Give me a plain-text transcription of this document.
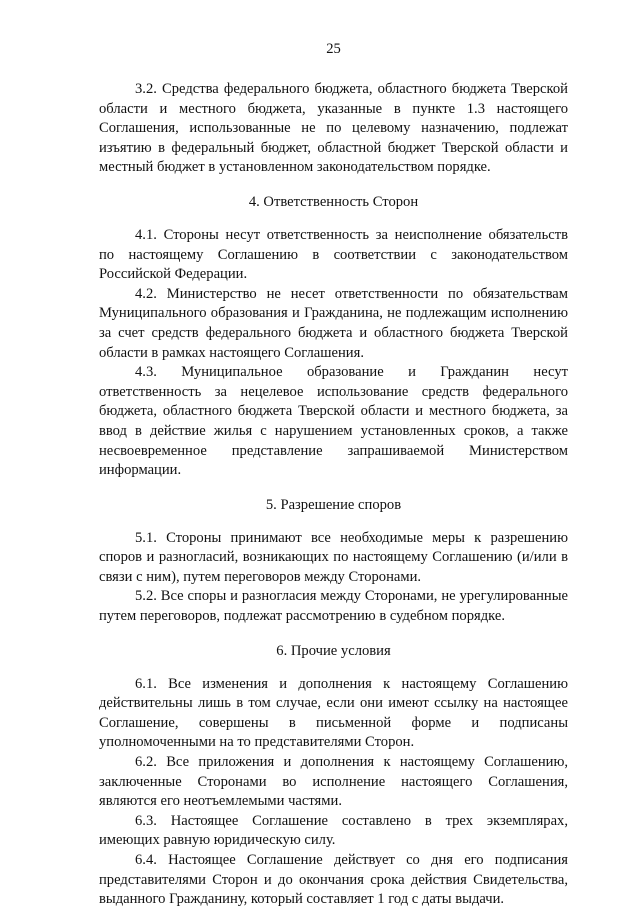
25

3.2. Средства федерального бюджета, областного бюджета Тверской области и местного бюджета, указанные в пункте 1.3 настоящего Соглашения, использованные не по целевому назначению, подлежат изъятию в федеральный бюджет, областной бюджет Тверской области и местный бюджет в установленном законодательством порядке.

4. Ответственность Сторон

4.1. Стороны несут ответственность за неисполнение обязательств по настоящему Соглашению в соответствии с законодательством Российской Федерации.

4.2. Министерство не несет ответственности по обязательствам Муниципального образования и Гражданина, не подлежащим исполнению за счет средств федерального бюджета и областного бюджета Тверской области в рамках настоящего Соглашения.

4.3. Муниципальное образование и Гражданин несут ответственность за нецелевое использование средств федерального бюджета, областного бюджета Тверской области и местного бюджета, за ввод в действие жилья с нарушением установленных сроков, а также несвоевременное представление запрашиваемой Министерством информации.

5. Разрешение споров

5.1. Стороны принимают все необходимые меры к разрешению споров и разногласий, возникающих по настоящему Соглашению (и/или в связи с ним), путем переговоров между Сторонами.

5.2. Все споры и разногласия между Сторонами, не урегулированные путем переговоров, подлежат рассмотрению в судебном порядке.

6. Прочие условия

6.1. Все изменения и дополнения к настоящему Соглашению действительны лишь в том случае, если они имеют ссылку на настоящее Соглашение, совершены в письменной форме и подписаны уполномоченными на то представителями Сторон.

6.2. Все приложения и дополнения к настоящему Соглашению, заключенные Сторонами во исполнение настоящего Соглашения, являются его неотъемлемыми частями.

6.3. Настоящее Соглашение составлено в трех экземплярах, имеющих равную юридическую силу.

6.4. Настоящее Соглашение действует со дня его подписания представителями Сторон и до окончания срока действия Свидетельства, выданного Гражданину, который составляет 1 год с даты выдачи.
